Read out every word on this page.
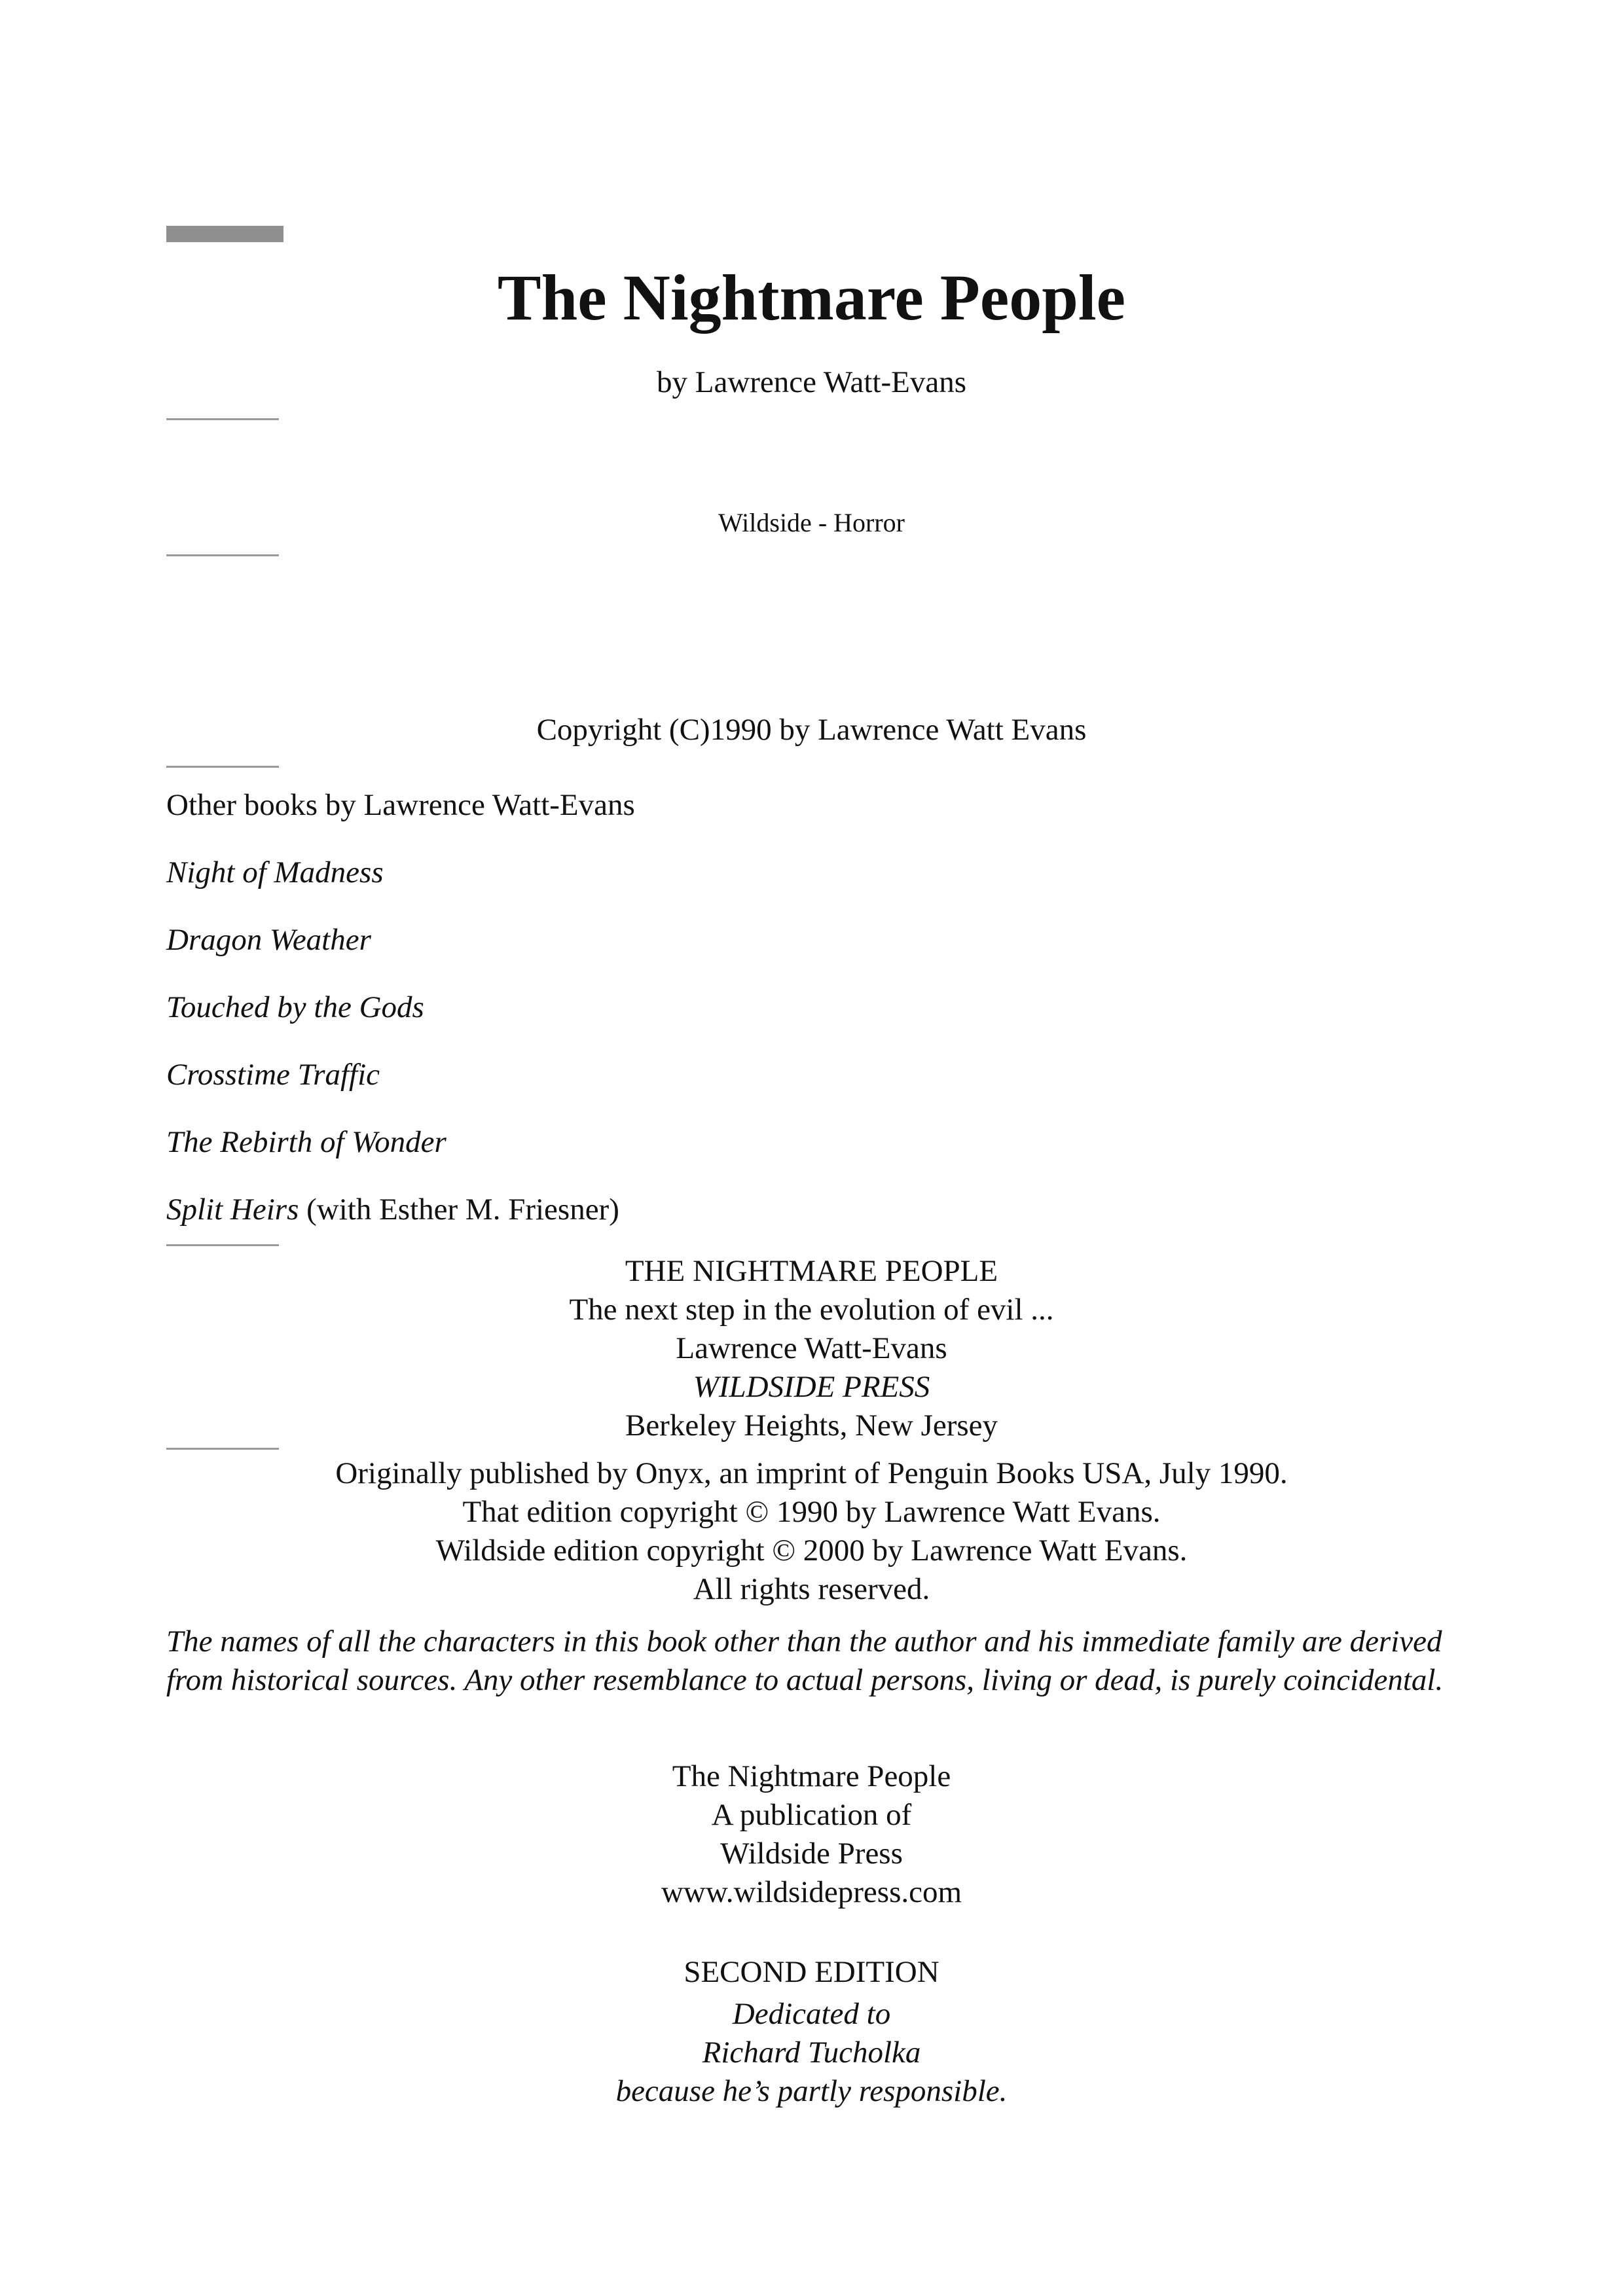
The Nightmare People
by Lawrence Watt-Evans
Wildside - Horror
Copyright (C)1990 by Lawrence Watt Evans
Other books by Lawrence Watt-Evans
Night of Madness
Dragon Weather
Touched by the Gods
Crosstime Traffic
The Rebirth of Wonder
Split Heirs (with Esther M. Friesner)
THE NIGHTMARE PEOPLE
The next step in the evolution of evil ...
Lawrence Watt-Evans
WILDSIDE PRESS
Berkeley Heights, New Jersey
Originally published by Onyx, an imprint of Penguin Books USA, July 1990.
That edition copyright © 1990 by Lawrence Watt Evans.
Wildside edition copyright © 2000 by Lawrence Watt Evans.
All rights reserved.
The names of all the characters in this book other than the author and his immediate family are derived from historical sources. Any other resemblance to actual persons, living or dead, is purely coincidental.
The Nightmare People
A publication of
Wildside Press
www.wildsidepress.com
SECOND EDITION
Dedicated to
Richard Tucholka
because he’s partly responsible.
